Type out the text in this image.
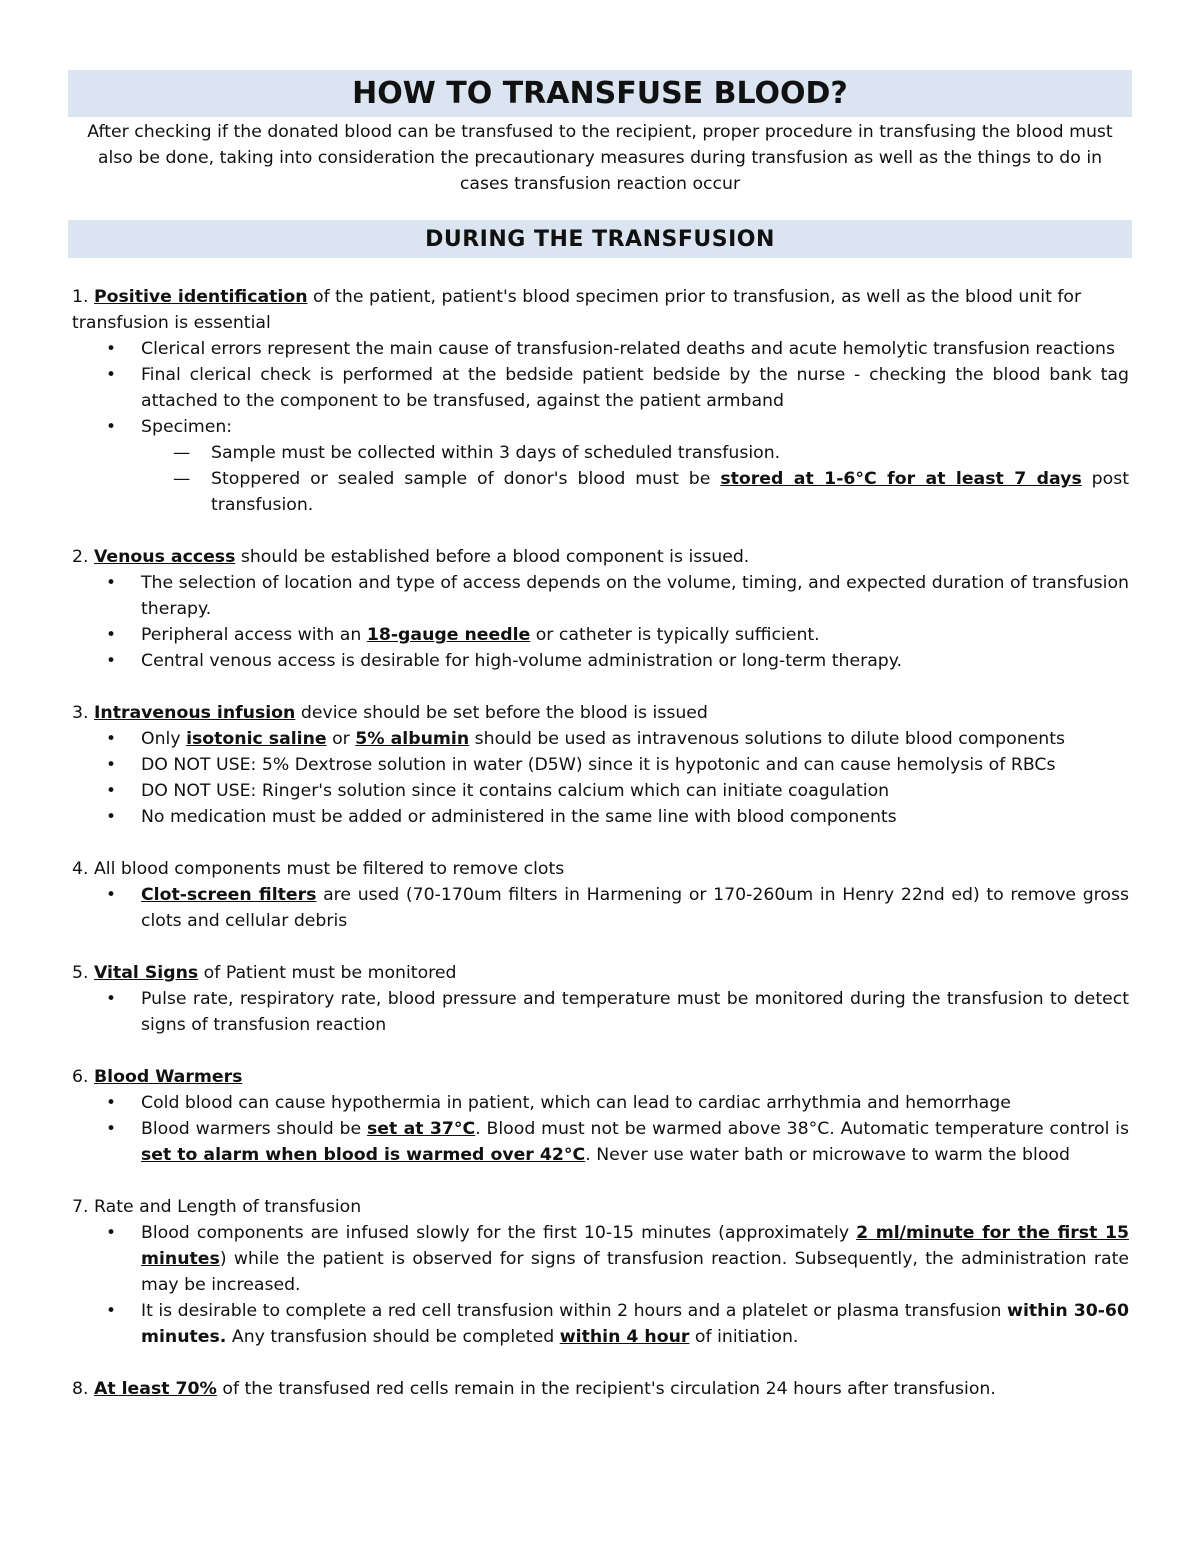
HOW TO TRANSFUSE BLOOD?
After checking if the donated blood can be transfused to the recipient, proper procedure in transfusing the blood must also be done, taking into consideration the precautionary measures during transfusion as well as the things to do in cases transfusion reaction occur
DURING THE TRANSFUSION

1. Positive identification of the patient, patient's blood specimen prior to transfusion, as well as the blood unit for transfusion is essential

• Clerical errors represent the main cause of transfusion-related deaths and acute hemolytic transfusion reactions
• Final clerical check is performed at the bedside patient bedside by the nurse - checking the blood bank tag attached to the component to be transfused, against the patient armband
• Specimen:
— Sample must be collected within 3 days of scheduled transfusion.
— Stoppered or sealed sample of donor's blood must be stored at 1-6°C for at least 7 days post transfusion.

2. Venous access should be established before a blood component is issued.

• The selection of location and type of access depends on the volume, timing, and expected duration of transfusion therapy.
• Peripheral access with an 18-gauge needle or catheter is typically sufficient.
• Central venous access is desirable for high-volume administration or long-term therapy.

3. Intravenous infusion device should be set before the blood is issued

• Only isotonic saline or 5% albumin should be used as intravenous solutions to dilute blood components
• DO NOT USE: 5% Dextrose solution in water (D5W) since it is hypotonic and can cause hemolysis of RBCs
• DO NOT USE: Ringer's solution since it contains calcium which can initiate coagulation
• No medication must be added or administered in the same line with blood components

4. All blood components must be filtered to remove clots

• Clot-screen filters are used (70-170um filters in Harmening or 170-260um in Henry 22nd ed) to remove gross clots and cellular debris

5. Vital Signs of Patient must be monitored

• Pulse rate, respiratory rate, blood pressure and temperature must be monitored during the transfusion to detect signs of transfusion reaction

6. Blood Warmers

• Cold blood can cause hypothermia in patient, which can lead to cardiac arrhythmia and hemorrhage
• Blood warmers should be set at 37°C. Blood must not be warmed above 38°C. Automatic temperature control is set to alarm when blood is warmed over 42°C. Never use water bath or microwave to warm the blood

7. Rate and Length of transfusion

• Blood components are infused slowly for the first 10-15 minutes (approximately 2 ml/minute for the first 15 minutes) while the patient is observed for signs of transfusion reaction. Subsequently, the administration rate may be increased.
• It is desirable to complete a red cell transfusion within 2 hours and a platelet or plasma transfusion within 30-60 minutes. Any transfusion should be completed within 4 hour of initiation.

8. At least 70% of the transfused red cells remain in the recipient's circulation 24 hours after transfusion.
